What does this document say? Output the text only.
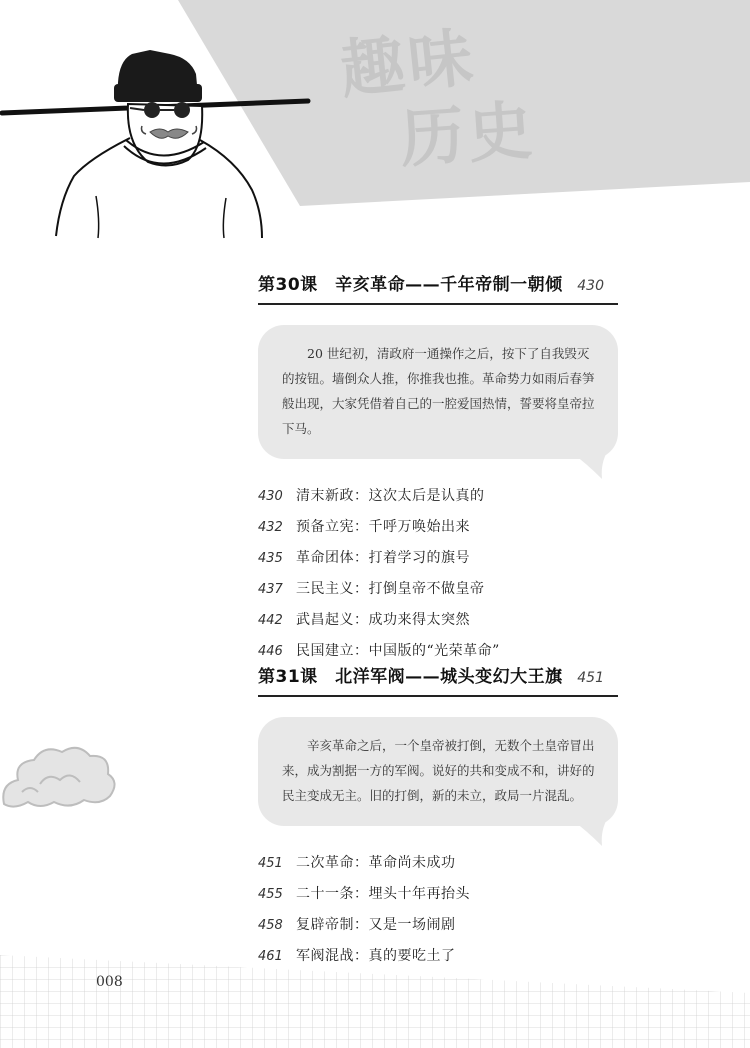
趣味
历史
第30课　辛亥革命——千年帝制一朝倾 430
20 世纪初，清政府一通操作之后，按下了自我毁灭的按钮。墙倒众人推，你推我也推。革命势力如雨后春笋般出现，大家凭借着自己的一腔爱国热情，誓要将皇帝拉下马。
430 清末新政：这次太后是认真的
432 预备立宪：千呼万唤始出来
435 革命团体：打着学习的旗号
437 三民主义：打倒皇帝不做皇帝
442 武昌起义：成功来得太突然
446 民国建立：中国版的“光荣革命”
第31课　北洋军阀——城头变幻大王旗 451
辛亥革命之后，一个皇帝被打倒，无数个土皇帝冒出来，成为割据一方的军阀。说好的共和变成不和，讲好的民主变成无主。旧的打倒，新的未立，政局一片混乱。
451 二次革命：革命尚未成功
455 二十一条：埋头十年再抬头
458 复辟帝制：又是一场闹剧
461 军阀混战：真的要吃土了
008
